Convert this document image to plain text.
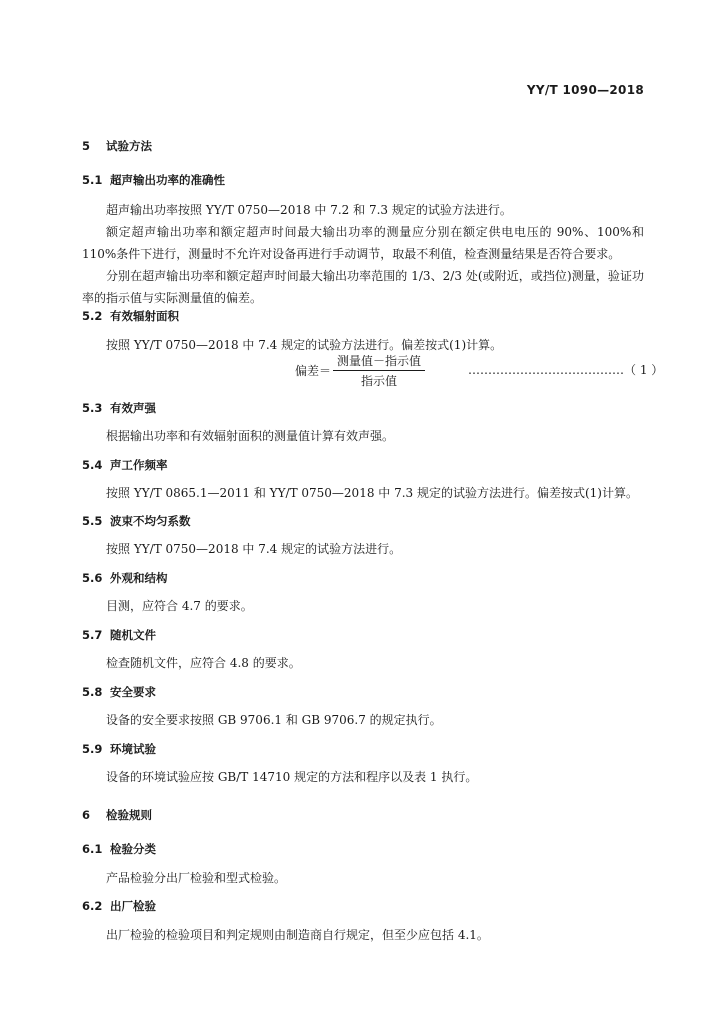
YY/T 1090—2018
5 试验方法
5.1 超声输出功率的准确性

超声输出功率按照 YY/T 0750—2018 中 7.2 和 7.3 规定的试验方法进行。

额定超声输出功率和额定超声时间最大输出功率的测量应分别在额定供电电压的 90%、100%和110%条件下进行，测量时不允许对设备再进行手动调节，取最不利值，检查测量结果是否符合要求。

分别在超声输出功率和额定超声时间最大输出功率范围的 1/3、2/3 处(或附近，或挡位)测量，验证功率的指示值与实际测量值的偏差。

5.2 有效辐射面积

按照 YY/T 0750—2018 中 7.4 规定的试验方法进行。偏差按式(1)计算。

偏差＝ $\frac{\text{测量值－指示值}}{\text{指示值}}$	…………………………………（ 1 ）
5.3 有效声强

根据输出功率和有效辐射面积的测量值计算有效声强。

5.4 声工作频率

按照 YY/T 0865.1—2011 和 YY/T 0750—2018 中 7.3 规定的试验方法进行。偏差按式(1)计算。

5.5 波束不均匀系数

按照 YY/T 0750—2018 中 7.4 规定的试验方法进行。

5.6 外观和结构

目测，应符合 4.7 的要求。

5.7 随机文件

检查随机文件，应符合 4.8 的要求。

5.8 安全要求

设备的安全要求按照 GB 9706.1 和 GB 9706.7 的规定执行。

5.9 环境试验

设备的环境试验应按 GB/T 14710 规定的方法和程序以及表 1 执行。

6 检验规则
6.1 检验分类

产品检验分出厂检验和型式检验。

6.2 出厂检验

出厂检验的检验项目和判定规则由制造商自行规定，但至少应包括 4.1。
